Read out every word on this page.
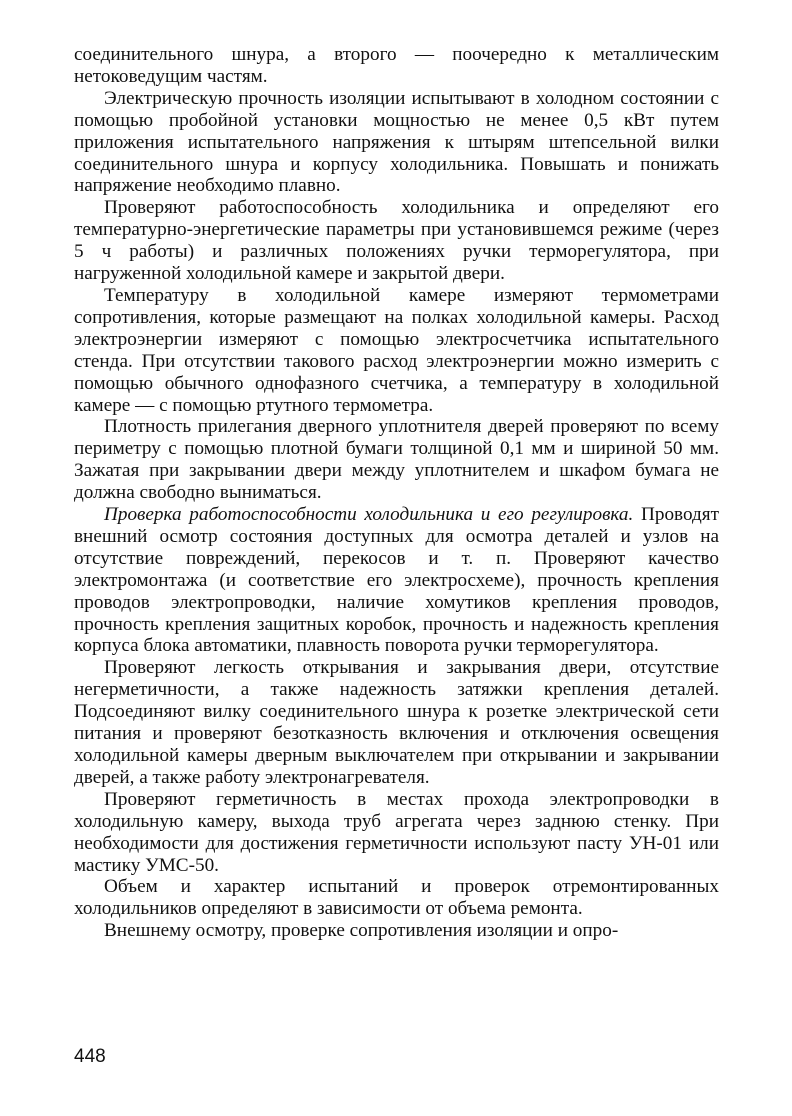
соединительного шнура, а второго — поочередно к металлическим нетоковедущим частям.

Электрическую прочность изоляции испытывают в холодном состоянии с помощью пробойной установки мощностью не менее 0,5 кВт путем приложения испытательного напряжения к штырям штепсельной вилки соединительного шнура и корпусу холодильника. Повышать и понижать напряжение необходимо плавно.

Проверяют работоспособность холодильника и определяют его температурно-энергетические параметры при установившемся режиме (через 5 ч работы) и различных положениях ручки терморегулятора, при нагруженной холодильной камере и закрытой двери.

Температуру в холодильной камере измеряют термометрами сопротивления, которые размещают на полках холодильной камеры. Расход электроэнергии измеряют с помощью электросчетчика испытательного стенда. При отсутствии такового расход электроэнергии можно измерить с помощью обычного однофазного счетчика, а температуру в холодильной камере — с помощью ртутного термометра.

Плотность прилегания дверного уплотнителя дверей проверяют по всему периметру с помощью плотной бумаги толщиной 0,1 мм и шириной 50 мм. Зажатая при закрывании двери между уплотнителем и шкафом бумага не должна свободно выниматься.

Проверка работоспособности холодильника и его регулировка. Проводят внешний осмотр состояния доступных для осмотра деталей и узлов на отсутствие повреждений, перекосов и т. п. Проверяют качество электромонтажа (и соответствие его электросхеме), прочность крепления проводов электропроводки, наличие хомутиков крепления проводов, прочность крепления защитных коробок, прочность и надежность крепления корпуса блока автоматики, плавность поворота ручки терморегулятора.

Проверяют легкость открывания и закрывания двери, отсутствие негерметичности, а также надежность затяжки крепления деталей. Подсоединяют вилку соединительного шнура к розетке электрической сети питания и проверяют безотказность включения и отключения освещения холодильной камеры дверным выключателем при открывании и закрывании дверей, а также работу электронагревателя.

Проверяют герметичность в местах прохода электропроводки в холодильную камеру, выхода труб агрегата через заднюю стенку. При необходимости для достижения герметичности используют пасту УН-01 или мастику УМС-50.

Объем и характер испытаний и проверок отремонтированных холодильников определяют в зависимости от объема ремонта.

Внешнему осмотру, проверке сопротивления изоляции и опро-

448
